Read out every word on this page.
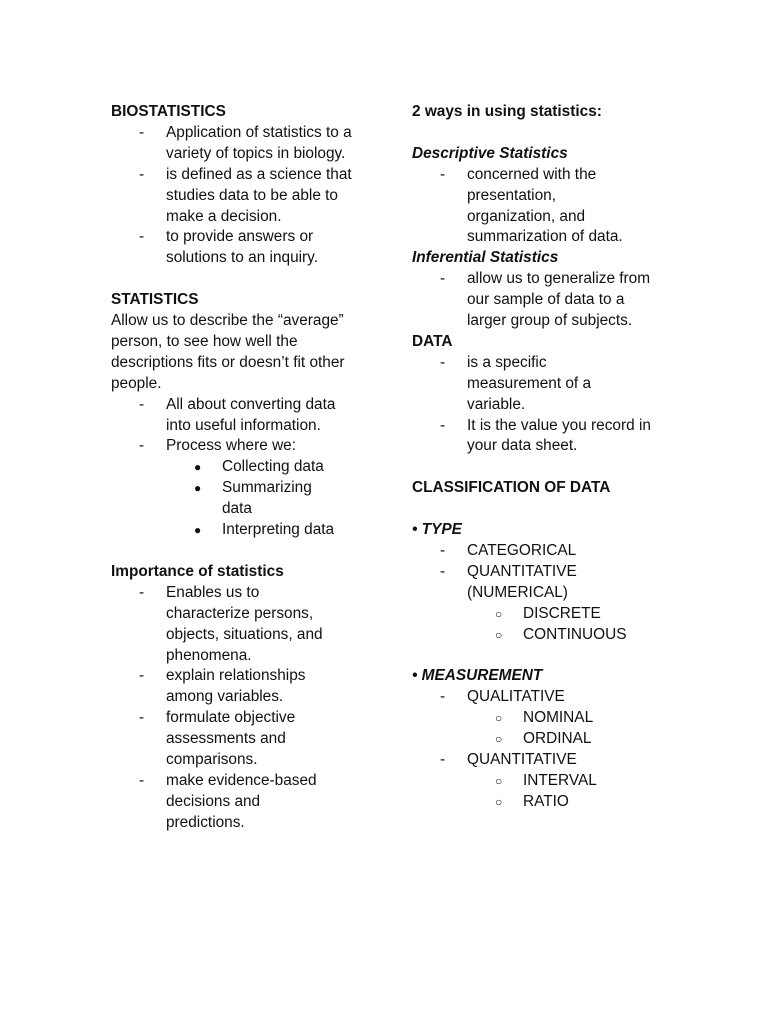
BIOSTATISTICS
-	Application of statistics to a variety of topics in biology.
-	is defined as a science that studies data to be able to make a decision.
-	to provide answers or solutions to an inquiry.
STATISTICS
Allow us to describe the “average” person, to see how well the descriptions fits or doesn’t fit other people.
-	All about converting data into useful information.
-	Process where we:
●	Collecting data
●	Summarizing data
●	Interpreting data
Importance of statistics
-	Enables us to characterize persons, objects, situations, and phenomena.
-	explain relationships among variables.
-	formulate objective assessments and comparisons.
-	make evidence-based decisions and predictions.
2 ways in using statistics:
Descriptive Statistics
-	concerned with the presentation, organization, and summarization of data.
Inferential Statistics
-	allow us to generalize from our sample of data to a larger group of subjects.
DATA
-	is a specific measurement of a variable.
-	It is the value you record in your data sheet.
CLASSIFICATION OF DATA
• TYPE
-	CATEGORICAL
-	QUANTITATIVE (NUMERICAL)
○	DISCRETE
○	CONTINUOUS
• MEASUREMENT
-	QUALITATIVE
○	NOMINAL
○	ORDINAL
-	QUANTITATIVE
○	INTERVAL
○	RATIO
